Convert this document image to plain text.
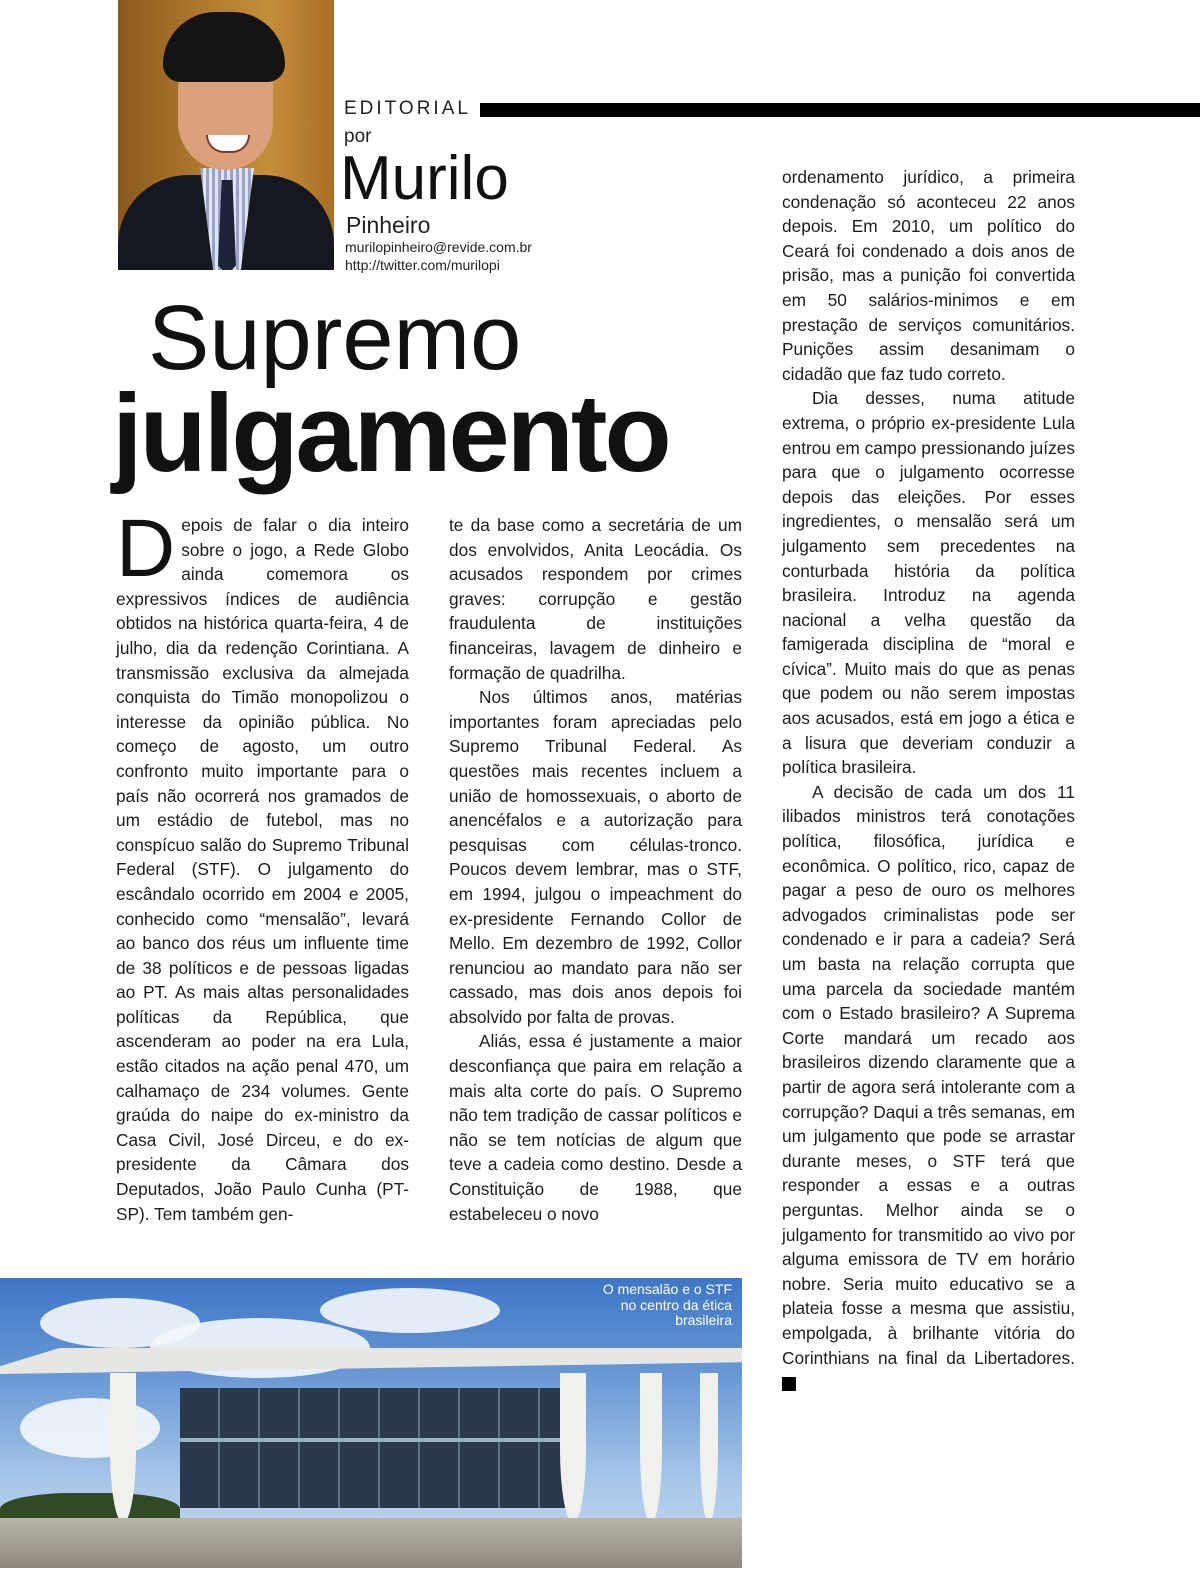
EDITORIAL
por
Murilo
Pinheiro
murilopinheiro@revide.com.br
http://twitter.com/murilopi
Supremo
julgamento

Depois de falar o dia inteiro sobre o jogo, a Rede Globo ainda comemora os expressivos índices de audiência obtidos na histórica quarta-feira, 4 de julho, dia da redenção Corintiana. A transmissão exclusiva da almejada conquista do Timão monopolizou o interesse da opinião pública. No começo de agosto, um outro confronto muito importante para o país não ocorrerá nos gramados de um estádio de futebol, mas no conspícuo salão do Supremo Tribunal Federal (STF). O julgamento do escândalo ocorrido em 2004 e 2005, conhecido como “mensalão”, levará ao banco dos réus um influente time de 38 políticos e de pessoas ligadas ao PT. As mais altas personalidades políticas da República, que ascenderam ao poder na era Lula, estão citados na ação penal 470, um calhamaço de 234 volumes. Gente graúda do naipe do ex-ministro da Casa Civil, José Dirceu, e do ex-presidente da Câmara dos Deputados, João Paulo Cunha (PT-SP). Tem também gen-

te da base como a secretária de um dos envolvidos, Anita Leocádia. Os acusados respondem por crimes graves: corrupção e gestão fraudulenta de instituições financeiras, lavagem de dinheiro e formação de quadrilha.

Nos últimos anos, matérias importantes foram apreciadas pelo Supremo Tribunal Federal. As questões mais recentes incluem a união de homossexuais, o aborto de anencéfalos e a autorização para pesquisas com células-tronco. Poucos devem lembrar, mas o STF, em 1994, julgou o impeachment do ex-presidente Fernando Collor de Mello. Em dezembro de 1992, Collor renunciou ao mandato para não ser cassado, mas dois anos depois foi absolvido por falta de provas.

Aliás, essa é justamente a maior desconfiança que paira em relação a mais alta corte do país. O Supremo não tem tradição de cassar políticos e não se tem notícias de algum que teve a cadeia como destino. Desde a Constituição de 1988, que estabeleceu o novo

ordenamento jurídico, a primeira condenação só aconteceu 22 anos depois. Em 2010, um político do Ceará foi condenado a dois anos de prisão, mas a punição foi convertida em 50 salários-minimos e em prestação de serviços comunitários. Punições assim desanimam o cidadão que faz tudo correto.

Dia desses, numa atitude extrema, o próprio ex-presidente Lula entrou em campo pressionando juízes para que o julgamento ocorresse depois das eleições. Por esses ingredientes, o mensalão será um julgamento sem precedentes na conturbada história da política brasileira. Introduz na agenda nacional a velha questão da famigerada disciplina de “moral e cívica”. Muito mais do que as penas que podem ou não serem impostas aos acusados, está em jogo a ética e a lisura que deveriam conduzir a política brasileira.

A decisão de cada um dos 11 ilibados ministros terá conotações política, filosófica, jurídica e econômica. O político, rico, capaz de pagar a peso de ouro os melhores advogados criminalistas pode ser condenado e ir para a cadeia? Será um basta na relação corrupta que uma parcela da sociedade mantém com o Estado brasileiro? A Suprema Corte mandará um recado aos brasileiros dizendo claramente que a partir de agora será intolerante com a corrupção? Daqui a três semanas, em um julgamento que pode se arrastar durante meses, o STF terá que responder a essas e a outras perguntas. Melhor ainda se o julgamento for transmitido ao vivo por alguma emissora de TV em horário nobre. Seria muito educativo se a plateia fosse a mesma que assistiu, empolgada, à brilhante vitória do Corinthians na final da Libertadores. r

O mensalão e o STF no centro da ética brasileira
